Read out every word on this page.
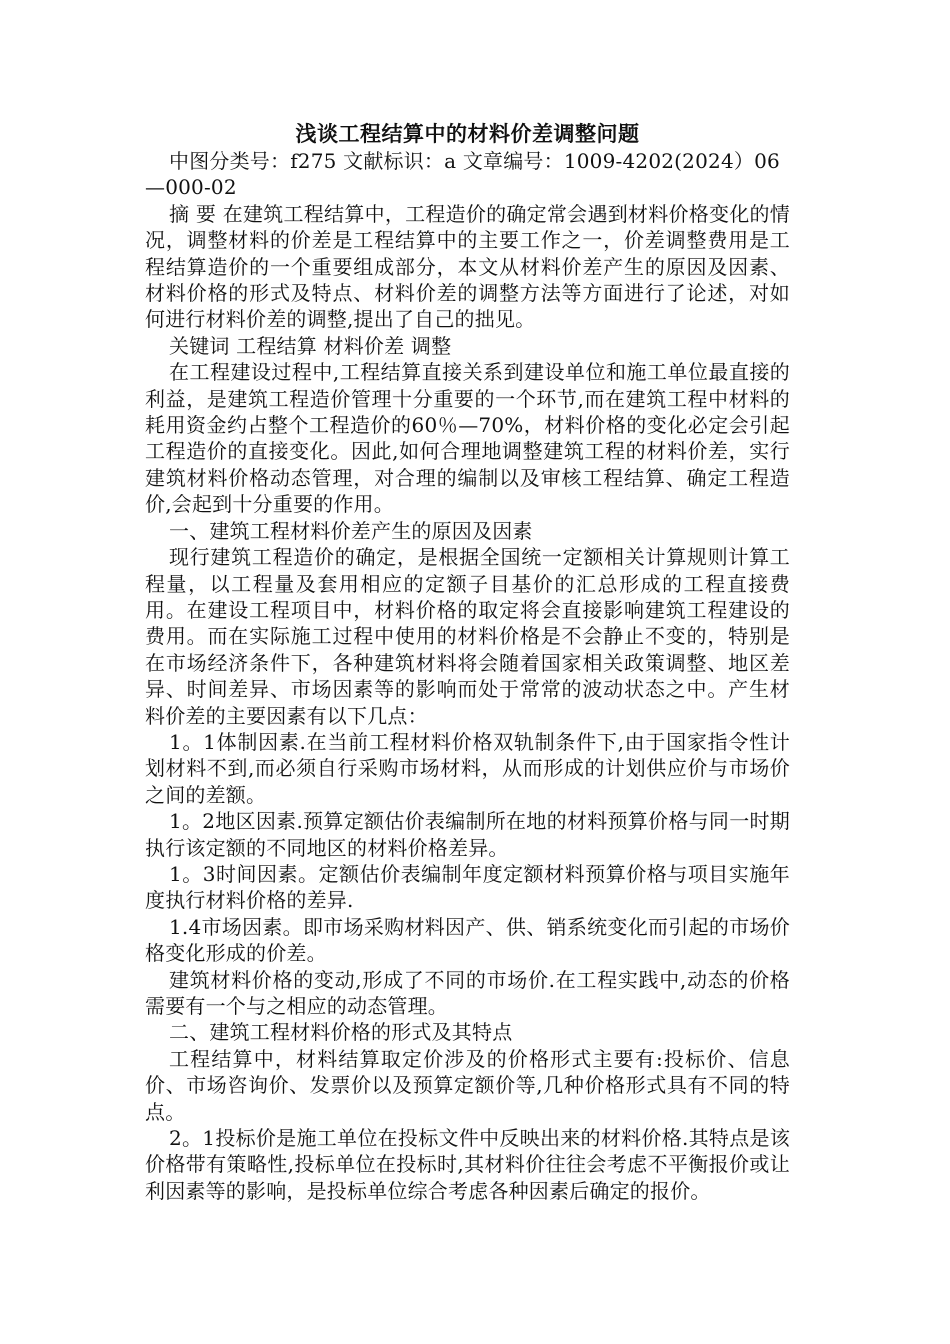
浅谈工程结算中的材料价差调整问题
中图分类号：f275 文献标识：a 文章编号：1009-4202(2024）06—000-02

摘 要 在建筑工程结算中，工程造价的确定常会遇到材料价格变化的情况，调整材料的价差是工程结算中的主要工作之一，价差调整费用是工程结算造价的一个重要组成部分，本文从材料价差产生的原因及因素、材料价格的形式及特点、材料价差的调整方法等方面进行了论述，对如何进行材料价差的调整,提出了自己的拙见。

关键词 工程结算 材料价差 调整

在工程建设过程中,工程结算直接关系到建设单位和施工单位最直接的利益，是建筑工程造价管理十分重要的一个环节,而在建筑工程中材料的耗用资金约占整个工程造价的60％—70%，材料价格的变化必定会引起工程造价的直接变化。因此,如何合理地调整建筑工程的材料价差，实行建筑材料价格动态管理，对合理的编制以及审核工程结算、确定工程造价,会起到十分重要的作用。

一、建筑工程材料价差产生的原因及因素

现行建筑工程造价的确定，是根据全国统一定额相关计算规则计算工程量，以工程量及套用相应的定额子目基价的汇总形成的工程直接费用。在建设工程项目中，材料价格的取定将会直接影响建筑工程建设的费用。而在实际施工过程中使用的材料价格是不会静止不变的，特别是在市场经济条件下，各种建筑材料将会随着国家相关政策调整、地区差异、时间差异、市场因素等的影响而处于常常的波动状态之中。产生材料价差的主要因素有以下几点：

1。1体制因素.在当前工程材料价格双轨制条件下,由于国家指令性计划材料不到,而必须自行采购市场材料，从而形成的计划供应价与市场价之间的差额。

1。2地区因素.预算定额估价表编制所在地的材料预算价格与同一时期执行该定额的不同地区的材料价格差异。

1。3时间因素。定额估价表编制年度定额材料预算价格与项目实施年度执行材料价格的差异.

1.4市场因素。即市场采购材料因产、供、销系统变化而引起的市场价格变化形成的价差。

建筑材料价格的变动,形成了不同的市场价.在工程实践中,动态的价格需要有一个与之相应的动态管理。

二、建筑工程材料价格的形式及其特点

工程结算中，材料结算取定价涉及的价格形式主要有:投标价、信息价、市场咨询价、发票价以及预算定额价等,几种价格形式具有不同的特点。

2。1投标价是施工单位在投标文件中反映出来的材料价格.其特点是该价格带有策略性,投标单位在投标时,其材料价往往会考虑不平衡报价或让利因素等的影响，是投标单位综合考虑各种因素后确定的报价。
